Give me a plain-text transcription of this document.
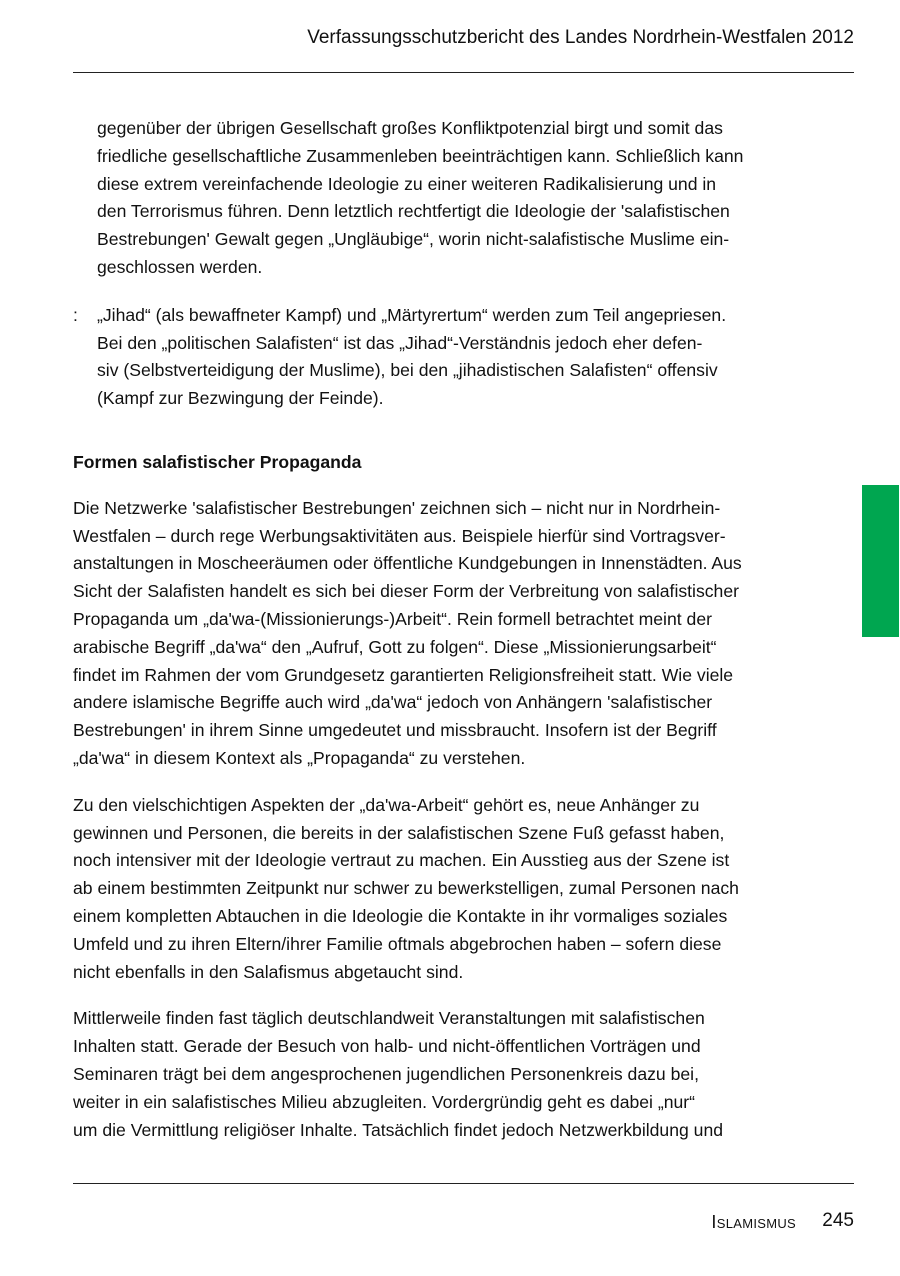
Verfassungsschutzbericht des Landes Nordrhein-Westfalen 2012

gegenüber der übrigen Gesellschaft großes Konfliktpotenzial birgt und somit das
friedliche gesellschaftliche Zusammenleben beeinträchtigen kann. Schließlich kann
diese extrem vereinfachende Ideologie zu einer weiteren Radikalisierung und in
den Terrorismus führen. Denn letztlich rechtfertigt die Ideologie der 'salafistischen
Bestrebungen' Gewalt gegen „Ungläubige“, worin nicht-salafistische Muslime ein-
geschlossen werden.

: „Jihad“ (als bewaffneter Kampf) und „Märtyrertum“ werden zum Teil angepriesen.
Bei den „politischen Salafisten“ ist das „Jihad“-Verständnis jedoch eher defen-
siv (Selbstverteidigung der Muslime), bei den „jihadistischen Salafisten“ offensiv
(Kampf zur Bezwingung der Feinde).

Formen salafistischer Propaganda

Die Netzwerke 'salafistischer Bestrebungen' zeichnen sich – nicht nur in Nordrhein-
Westfalen – durch rege Werbungsaktivitäten aus. Beispiele hierfür sind Vortragsver-
anstaltungen in Moscheeräumen oder öffentliche Kundgebungen in Innenstädten. Aus
Sicht der Salafisten handelt es sich bei dieser Form der Verbreitung von salafistischer
Propaganda um „da'wa-(Missionierungs-)Arbeit“. Rein formell betrachtet meint der
arabische Begriff „da'wa“ den „Aufruf, Gott zu folgen“. Diese „Missionierungsarbeit“
findet im Rahmen der vom Grundgesetz garantierten Religionsfreiheit statt. Wie viele
andere islamische Begriffe auch wird „da'wa“ jedoch von Anhängern 'salafistischer
Bestrebungen' in ihrem Sinne umgedeutet und missbraucht. Insofern ist der Begriff
„da'wa“ in diesem Kontext als „Propaganda“ zu verstehen.

Zu den vielschichtigen Aspekten der „da'wa-Arbeit“ gehört es, neue Anhänger zu
gewinnen und Personen, die bereits in der salafistischen Szene Fuß gefasst haben,
noch intensiver mit der Ideologie vertraut zu machen. Ein Ausstieg aus der Szene ist
ab einem bestimmten Zeitpunkt nur schwer zu bewerkstelligen, zumal Personen nach
einem kompletten Abtauchen in die Ideologie die Kontakte in ihr vormaliges soziales
Umfeld und zu ihren Eltern/ihrer Familie oftmals abgebrochen haben – sofern diese
nicht ebenfalls in den Salafismus abgetaucht sind.

Mittlerweile finden fast täglich deutschlandweit Veranstaltungen mit salafistischen
Inhalten statt. Gerade der Besuch von halb- und nicht-öffentlichen Vorträgen und
Seminaren trägt bei dem angesprochenen jugendlichen Personenkreis dazu bei,
weiter in ein salafistisches Milieu abzugleiten. Vordergründig geht es dabei „nur“
um die Vermittlung religiöser Inhalte. Tatsächlich findet jedoch Netzwerkbildung und

Islamismus 245
